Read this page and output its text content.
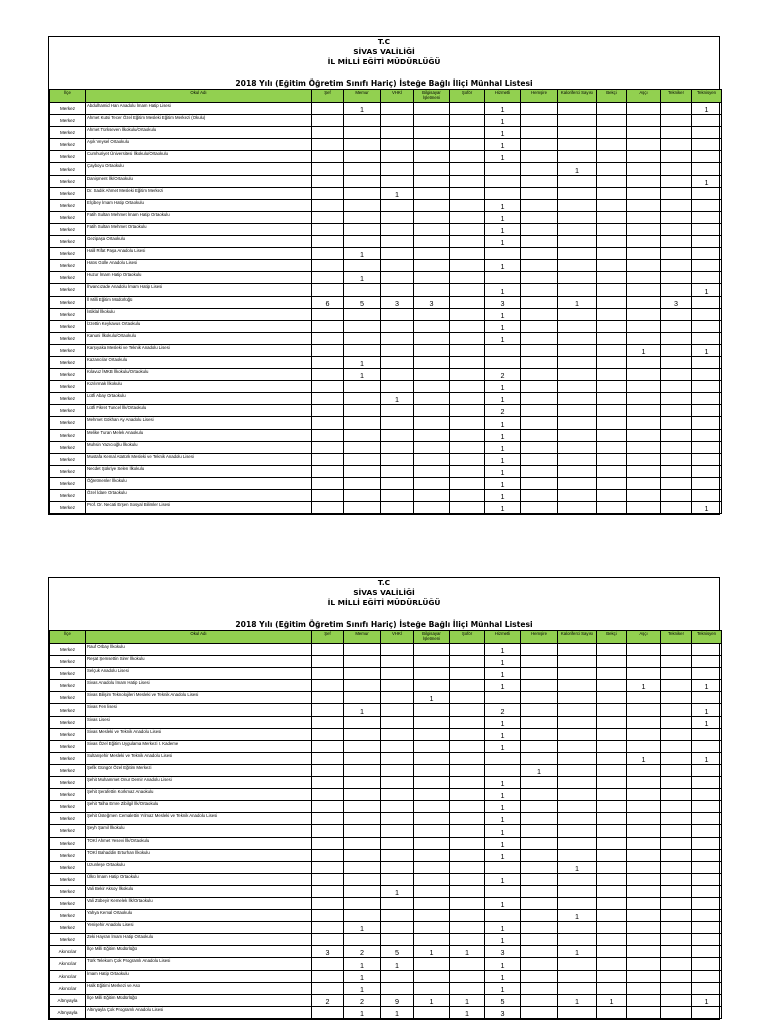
T.C
SİVAS VALİLİĞİ
İL MİLLİ EĞİTİ MÜDÜRLÜĞÜ
2018 Yılı (Eğitim Öğretim Sınıfı Hariç) İsteğe Bağlı İliçi Münhal Listesi
İlçe	Okul Adı	Şef	Memur	VHKİ	Bilgisayar İşletmeni	Şoför	Hizmetli	Hemşire	Kaloriferci Sayısı	Bekçi	Aşçı	Tekniker	Teknisyen
Merkez	Abdulhamid Han Anadolu İmam Hatip Lisesi		1				1						1
Merkez	Ahmet Kutsi Tecer Özel Eğitim Mesleki Eğitim Merkezi (Okulu)						1						
Merkez	Ahmet Türkseven İlkokulu/Ortaokulu						1						
Merkez	Aşık Veysel Ortaokulu						1						
Merkez	Cumhuriyet Üniversitesi İlkokulu/Ortaokulu						1						
Merkez	Çayboyu Ortaokulu								1				
Merkez	Danişment İlk/Ortaokulu												1
Merkez	Dr. Sadık Ahmet Mesleki Eğitim Merkezi			1									
Merkez	Elçibey İmam Hatip Ortaokulu						1						
Merkez	Fatih Sultan Mehmet İmam Hatip Ortaokulu						1						
Merkez	Fatih Sultan Mehmet Ortaokulu						1						
Merkez	Gezipaşa Ortaokulu						1						
Merkez	Halil Rifat Paşa Anadolu Lisesi		1										
Merkez	Hatıs Gülle Anadolu Lisesi						1						
Merkez	Huzur İmam Hatip Ortaokulu		1										
Merkez	İhvancızade Anadolu İmam Hatip Lisesi						1						1
Merkez	İl Milli Eğitim Müdürlüğü	6	5	3	3		3		1			3	
Merkez	İstiklal İlkokulu						1						
Merkez	İzzettin Keykavus Ortaokulu						1						
Merkez	Kanuni İlkokulu/Ortaokulu						1						
Merkez	Karşıyaka Mesleki ve Teknik Anadolu Lisesi										1		1
Merkez	Kazancılar Ortaokulu		1										
Merkez	Kılavuz İMKB İlkokulu/Ortaokulu		1				2						
Merkez	Kızılırmak İlkokulu						1						
Merkez	Lütfi Abay Ortaokulu			1			1						
Merkez	Lütfi Fikret Tuncel İlk/Ortaokulu						2						
Merkez	Mehmet Gökhan Ay Anadolu Lisesi						1						
Merkez	Melike Turan Melek Anaokulu						1						
Merkez	Muhsin Yazıcıoğlu İlkokulu						1						
Merkez	Mustafa Kemal Atatürk Mesleki ve Teknik Anadolu Lisesi						1						
Merkez	Necdet Şükriye Selen İlkokulu						1						
Merkez	Öğretmenler İlkokulu						1						
Merkez	Özel İdare Ortaokulu						1						
Merkez	Prof. Dr. Necati Erşen Sosyal Bilimler Lisesi						1						1
T.C
SİVAS VALİLİĞİ
İL MİLLİ EĞİTİ MÜDÜRLÜĞÜ
2018 Yılı (Eğitim Öğretim Sınıfı Hariç) İsteğe Bağlı İliçi Münhal Listesi
İlçe	Okul Adı	Şef	Memur	VHKİ	Bilgisayar İşletmeni	Şoför	Hizmetli	Hemşire	Kaloriferci Sayısı	Bekçi	Aşçı	Tekniker	Teknisyen
Merkez	Rauf Orbay İlkokulu						1						
Merkez	Reşat Şemsettin Sirer İlkokulu						1						
Merkez	Selçuk Anadolu Lisesi						1						
Merkez	Sivas Anadolu İmam Hatip Lisesi						1				1		1
Merkez	Sivas Bilişim Teknolojileri Mesleki ve Teknik Anadolu Lisesi				1								
Merkez	Sivas Fen lisesi		1				2						1
Merkez	Sivas Lisesi						1						1
Merkez	Sivas Mesleki ve Teknik Anadolu Lisesi						1						
Merkez	Sivas Özel Eğitim Uygulama Merkezi I. Kademe						1						
Merkez	Sultanşehir Mesleki ve Teknik Anadolu Lisesi										1		1
Merkez	Şefik Güngör Özel Eğitim Merkezi							1					
Merkez	Şehit Muhammet Onur Demir Anadolu Lisesi						1						
Merkez	Şehit Şerafettin Korkmaz Anaokulu						1						
Merkez	Şehit Talha Emre Zibilgil İlk/Ortaokulu						1						
Merkez	Şehit Üsteğmen Cemalettin Yılmaz Mesleki ve Teknik Anadolu Lisesi						1						
Merkez	Şeyh Şamil İlkokulu						1						
Merkez	TOKİ Ahmet Yesevi İlk/Ortaokulu						1						
Merkez	TOKİ Bahaddin Erturhan İlkokulu						1						
Merkez	Uzunleşe Ortaokulu								1				
Merkez	Ülkü İmam Hatip Ortaokulu						1						
Merkez	Vali Bekir Aksoy İlkokulu			1									
Merkez	Vali Zübeyir Kemelek İlk/Ortaokulu						1						
Merkez	Yahya Kemal Ortaokulu								1				
Merkez	Yenişehir Anadolu Lisesi		1				1						
Merkez	Zeki Hayran İmam Hatip Ortaokulu						1						
Akıncılar	İlçe Milli Eğitim Müdürlüğü	3	2	5	1	1	3		1				
Akıncılar	Türk Telekom Çok Programlı Anadolu Lisesi		1	1			1						
Akıncılar	İmam Hatip Ortaokulu		1				1						
Akıncılar	Halk Eğitimi Merkezi ve Aso		1				1						
Altınyayla	İlçe Milli Eğitim Müdürlüğü	2	2	9	1	1	5		1	1			1
Altınyayla	Altınyayla Çok Programlı Anadolu Lisesi		1	1		1	3						
